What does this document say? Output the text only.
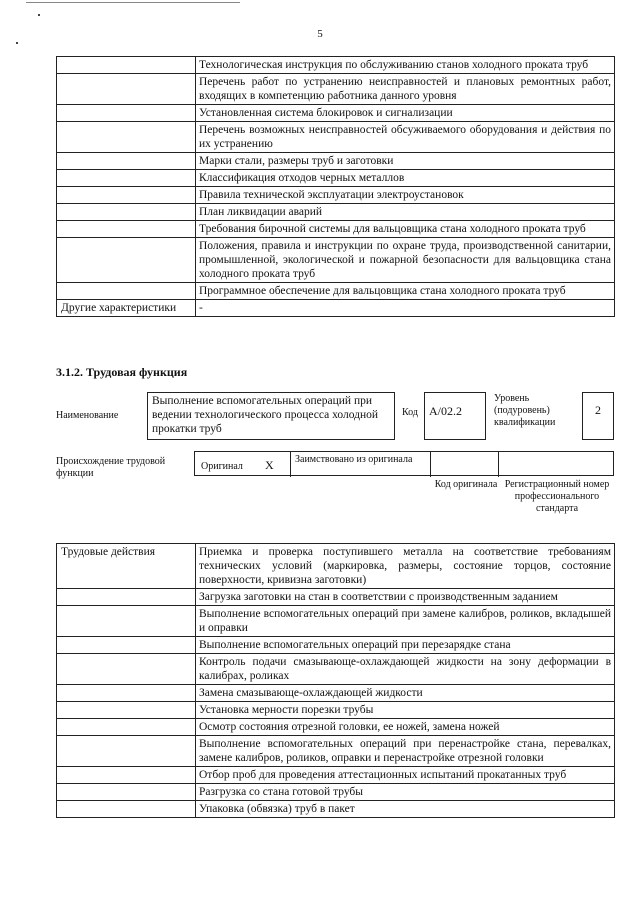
5
	Технологическая инструкция по обслуживанию станов холодного проката труб
	Перечень работ по устранению неисправностей и плановых ремонтных работ, входящих в компетенцию работника данного уровня
	Установленная система блокировок и сигнализации
	Перечень возможных неисправностей обсуживаемого оборудования и действия по их устранению
	Марки стали, размеры труб и заготовки
	Классификация отходов черных металлов
	Правила технической эксплуатации электроустановок
	План ликвидации аварий
	Требования бирочной системы для вальцовщика стана холодного проката труб
	Положения, правила и инструкции по охране труда, производственной санитарии, промышленной, экологической и пожарной безопасности для вальцовщика стана холодного проката труб
	Программное обеспечение для вальцовщика стана холодного проката труб
Другие характеристики	-
3.1.2. Трудовая функция
Наименование
Выполнение вспомогательных операций при ведении технологического процесса холодной прокатки труб
Код А/02.2
Уровень (подуровень) квалификации
2
Происхождение трудовой функции
Оригинал X Заимствовано из оригинала
Код оригинала Регистрационный номер профессионального стандарта
Трудовые действия	Приемка и проверка поступившего металла на соответствие требованиям технических условий (маркировка, размеры, состояние торцов, состояние поверхности, кривизна заготовки)
	Загрузка заготовки на стан в соответствии с производственным заданием
	Выполнение вспомогательных операций при замене калибров, роликов, вкладышей и оправки
	Выполнение вспомогательных операций при перезарядке стана
	Контроль подачи смазывающе-охлаждающей жидкости на зону деформации в калибрах, роликах
	Замена смазывающе-охлаждающей жидкости
	Установка мерности порезки трубы
	Осмотр состояния отрезной головки, ее ножей, замена ножей
	Выполнение вспомогательных операций при перенастройке стана, перевалках, замене калибров, роликов, оправки и перенастройке отрезной головки
	Отбор проб для проведения аттестационных испытаний прокатанных труб
	Разгрузка со стана готовой трубы
	Упаковка (обвязка) труб в пакет
